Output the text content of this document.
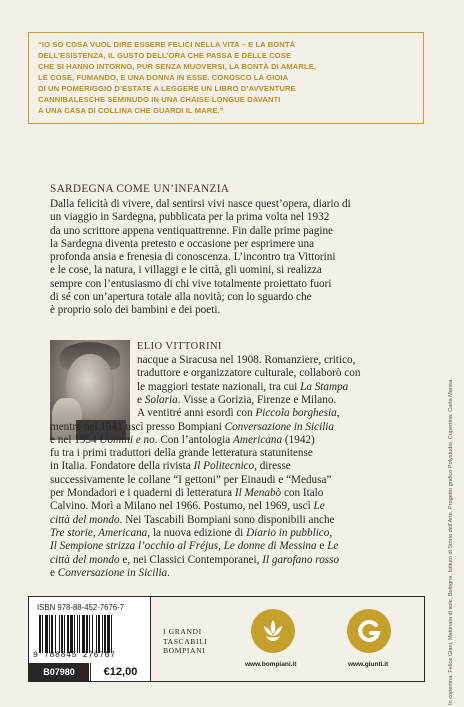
“IO SO COSA VUOL DIRE ESSERE FELICI NELLA VITA – E LA BONTÀ
DELL’ESISTENZA, IL GUSTO DELL’ORA CHE PASSA E DELLE COSE
CHE SI HANNO INTORNO, PUR SENZA MUOVERSI, LA BONTÀ DI AMARLE,
LE COSE, FUMANDO, E UNA DONNA IN ESSE. CONOSCO LA GIOIA
DI UN POMERIGGIO D’ESTATE A LEGGERE UN LIBRO D’AVVENTURE
CANNIBALESCHE SEMINUDO IN UNA CHAISE-LONGUE DAVANTI
A UNA CASA DI COLLINA CHE GUARDI IL MARE.”
SARDEGNA COME UN’INFANZIA
Dalla felicità di vivere, dal sentirsi vivi nasce quest’opera, diario di
un viaggio in Sardegna, pubblicata per la prima volta nel 1932
da uno scrittore appena ventiquattrenne. Fin dalle prime pagine
la Sardegna diventa pretesto e occasione per esprimere una
profonda ansia e frenesia di conoscenza. L’incontro tra Vittorini
e le cose, la natura, i villaggi e le città, gli uomini, si realizza
sempre con l’entusiasmo di chi vive totalmente proiettato fuori
di sé con un’apertura totale alla novità; con lo sguardo che
è proprio solo dei bambini e dei poeti.
ELIO VITTORINI
nacque a Siracusa nel 1908. Romanziere, critico,
traduttore e organizzatore culturale, collaborò con
le maggiori testate nazionali, tra cui La Stampa
e Solaria. Visse a Gorizia, Firenze e Milano.
A ventitré anni esordì con Piccola borghesia,
mentre nel 1941 uscì presso Bompiani Conversazione in Sicilia
e nel 1954 Uomini e no. Con l’antologia Americana (1942)
fu tra i primi traduttori della grande letteratura statunitense
in Italia. Fondatore della rivista Il Politecnico, diresse
successivamente le collane “I gettoni” per Einaudi e “Medusa”
per Mondadori e i quaderni di letteratura Il Menabò con Italo
Calvino. Morì a Milano nel 1966. Postumo, nel 1969, uscì Le
città del mondo. Nei Tascabili Bompiani sono disponibili anche
Tre storie, Americana, la nuova edizione di Diario in pubblico,
Il Sempione strizza l’occhio al Fréjus, Le donne di Messina e Le
città del mondo e, nei Classici Contemporanei, Il garofano rosso
e Conversazione in Sicilia.
ISBN 978-88-452-7676-7
9 788845 276767
B07980	€12,00
I GRANDI
TASCABILI
BOMPIANI
www.bompiani.it	www.giunti.it	In copertina: Felice Giani, Mattinata di sole, Bologna, Istituto di Storia dell’Arte. Progetto grafico Polystudio. Copertina: Carla Manea.
